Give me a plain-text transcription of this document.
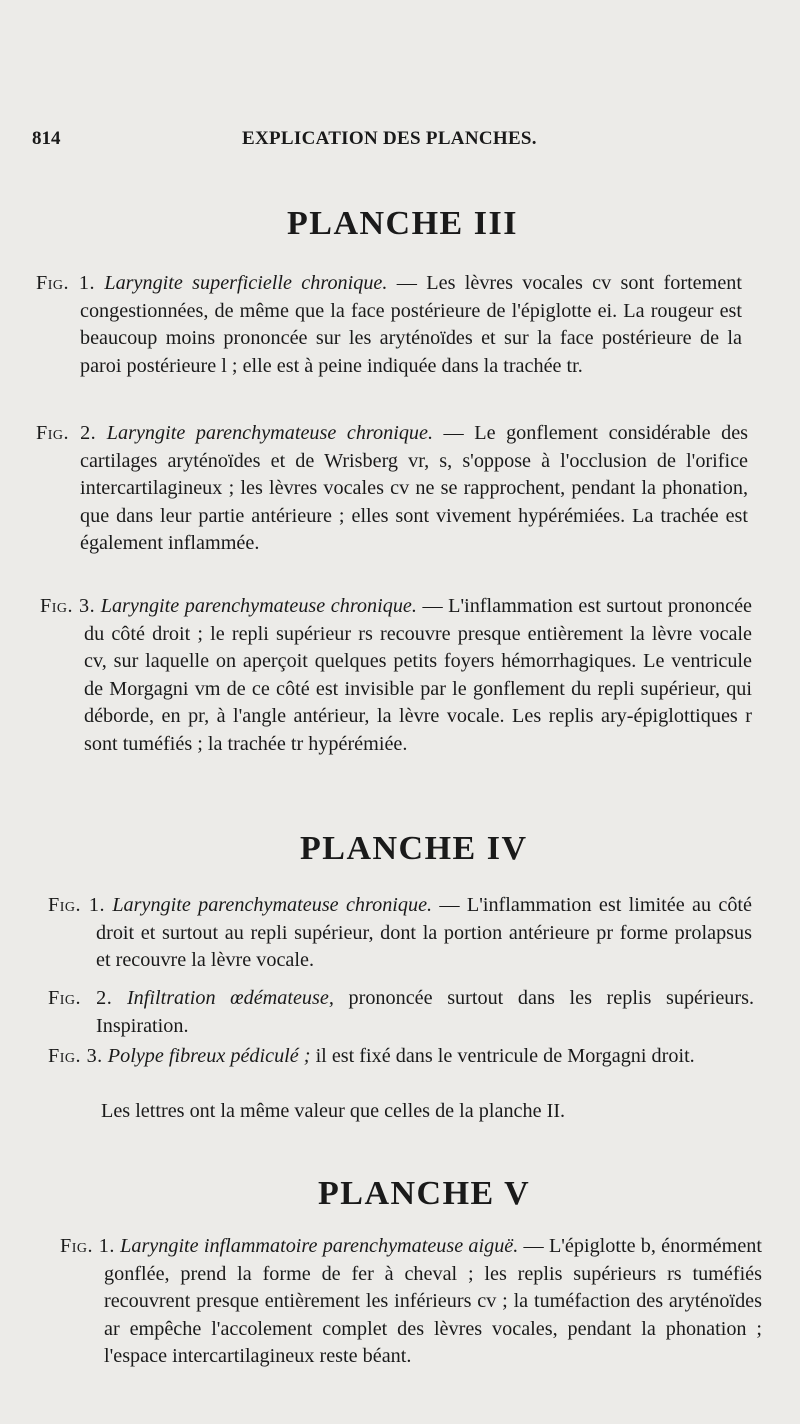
814	EXPLICATION DES PLANCHES.
PLANCHE III
Fig. 1. Laryngite superficielle chronique. — Les lèvres vocales cv sont fortement congestionnées, de même que la face postérieure de l'épiglotte ei. La rougeur est beaucoup moins prononcée sur les aryténoïdes et sur la face postérieure de la paroi postérieure l ; elle est à peine indiquée dans la trachée tr.
Fig. 2. Laryngite parenchymateuse chronique. — Le gonflement considérable des cartilages aryténoïdes et de Wrisberg vr, s, s'oppose à l'occlusion de l'orifice intercartilagineux ; les lèvres vocales cv ne se rapprochent, pendant la phonation, que dans leur partie antérieure ; elles sont vivement hypérémiées. La trachée est également inflammée.
Fig. 3. Laryngite parenchymateuse chronique. — L'inflammation est surtout prononcée du côté droit ; le repli supérieur rs recouvre presque entièrement la lèvre vocale cv, sur laquelle on aperçoit quelques petits foyers hémorrhagiques. Le ventricule de Morgagni vm de ce côté est invisible par le gonflement du repli supérieur, qui déborde, en pr, à l'angle antérieur, la lèvre vocale. Les replis ary-épiglottiques r sont tuméfiés ; la trachée tr hypérémiée.
PLANCHE IV
Fig. 1. Laryngite parenchymateuse chronique. — L'inflammation est limitée au côté droit et surtout au repli supérieur, dont la portion antérieure pr forme prolapsus et recouvre la lèvre vocale.
Fig. 2. Infiltration œdémateuse, prononcée surtout dans les replis supérieurs. Inspiration.
Fig. 3. Polype fibreux pédiculé ; il est fixé dans le ventricule de Morgagni droit.
Les lettres ont la même valeur que celles de la planche II.
PLANCHE V
Fig. 1. Laryngite inflammatoire parenchymateuse aiguë. — L'épiglotte b, énormément gonflée, prend la forme de fer à cheval ; les replis supérieurs rs tuméfiés recouvrent presque entièrement les inférieurs cv ; la tuméfaction des aryténoïdes ar empêche l'accolement complet des lèvres vocales, pendant la phonation ; l'espace intercartilagineux reste béant.
